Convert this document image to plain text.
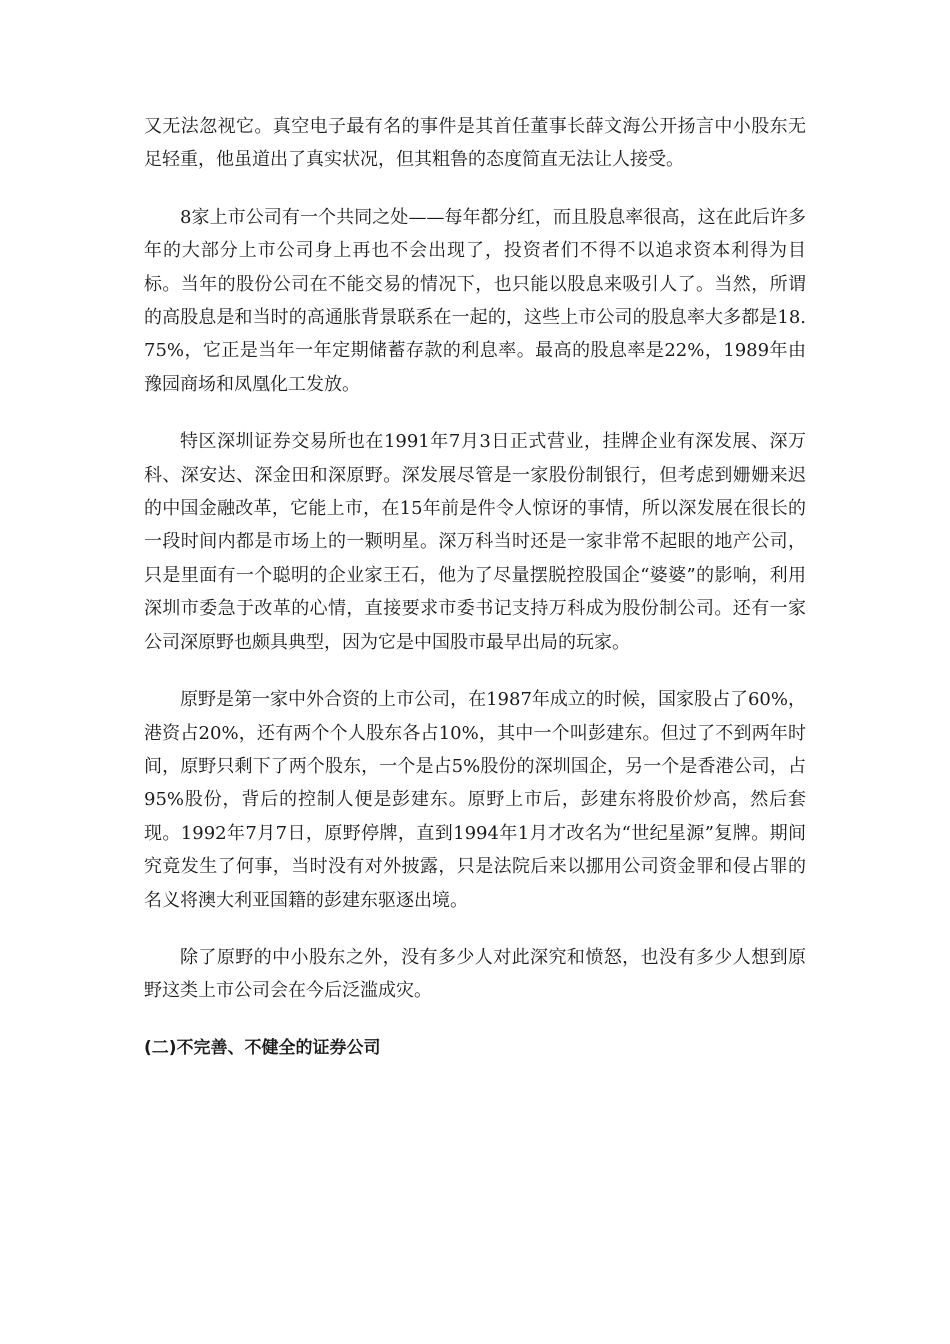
又无法忽视它。真空电子最有名的事件是其首任董事长薛文海公开扬言中小股东无足轻重，他虽道出了真实状况，但其粗鲁的态度简直无法让人接受。

8家上市公司有一个共同之处——每年都分红，而且股息率很高，这在此后许多年的大部分上市公司身上再也不会出现了，投资者们不得不以追求资本利得为目标。当年的股份公司在不能交易的情况下，也只能以股息来吸引人了。当然，所谓的高股息是和当时的高通胀背景联系在一起的，这些上市公司的股息率大多都是18.75%，它正是当年一年定期储蓄存款的利息率。最高的股息率是22%，1989年由豫园商场和凤凰化工发放。

特区深圳证券交易所也在1991年7月3日正式营业，挂牌企业有深发展、深万科、深安达、深金田和深原野。深发展尽管是一家股份制银行，但考虑到姗姗来迟的中国金融改革，它能上市，在15年前是件令人惊讶的事情，所以深发展在很长的一段时间内都是市场上的一颗明星。深万科当时还是一家非常不起眼的地产公司，只是里面有一个聪明的企业家王石，他为了尽量摆脱控股国企“婆婆”的影响，利用深圳市委急于改革的心情，直接要求市委书记支持万科成为股份制公司。还有一家公司深原野也颇具典型，因为它是中国股市最早出局的玩家。

原野是第一家中外合资的上市公司，在1987年成立的时候，国家股占了60%，港资占20%，还有两个个人股东各占10%，其中一个叫彭建东。但过了不到两年时间，原野只剩下了两个股东，一个是占5%股份的深圳国企，另一个是香港公司，占95%股份，背后的控制人便是彭建东。原野上市后，彭建东将股价炒高，然后套现。1992年7月7日，原野停牌，直到1994年1月才改名为“世纪星源”复牌。期间究竟发生了何事，当时没有对外披露，只是法院后来以挪用公司资金罪和侵占罪的名义将澳大利亚国籍的彭建东驱逐出境。

除了原野的中小股东之外，没有多少人对此深究和愤怒，也没有多少人想到原野这类上市公司会在今后泛滥成灾。

(二)不完善、不健全的证券公司
